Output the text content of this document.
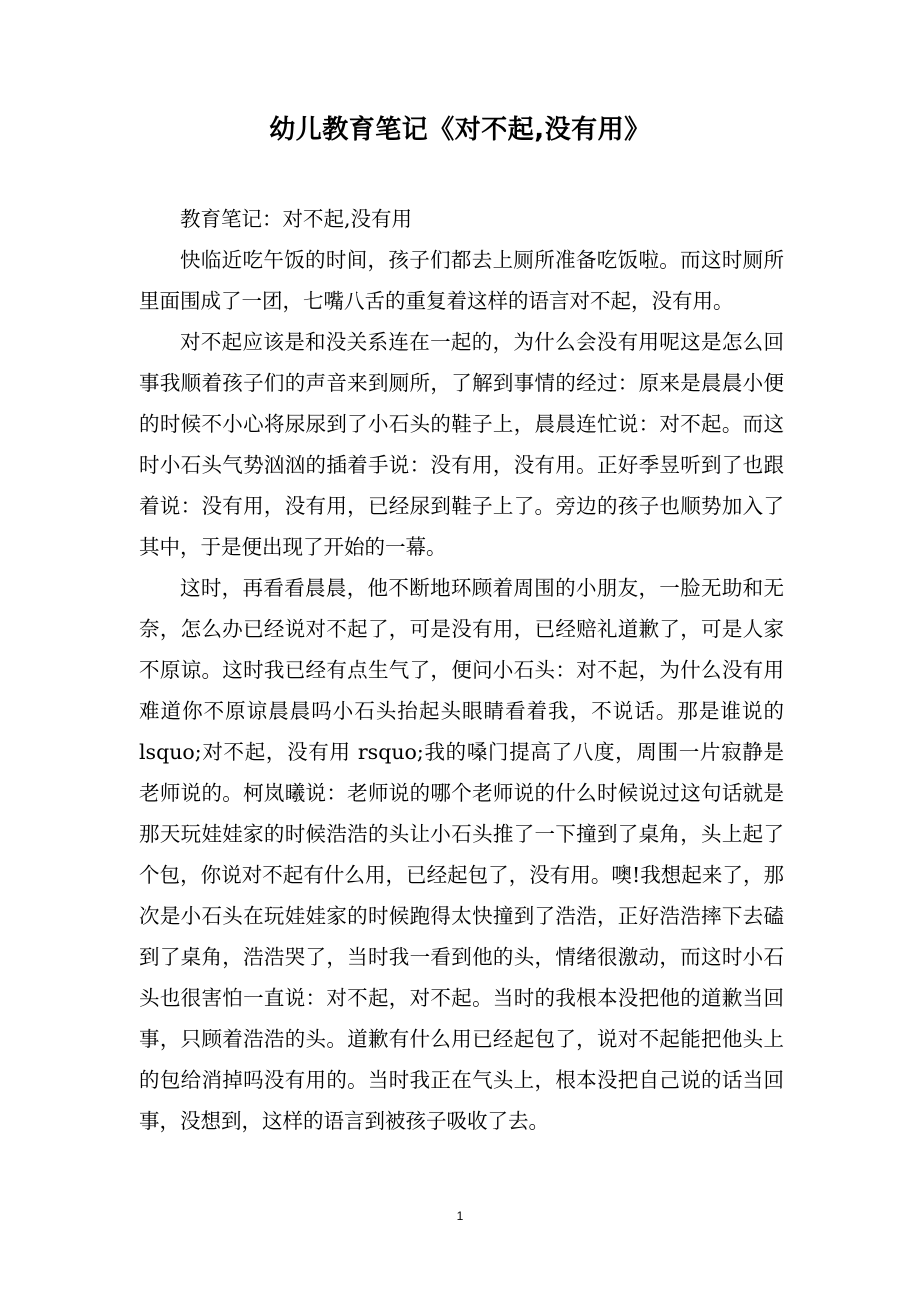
幼儿教育笔记《对不起,没有用》

教育笔记：对不起,没有用

快临近吃午饭的时间，孩子们都去上厕所准备吃饭啦。而这时厕所里面围成了一团，七嘴八舌的重复着这样的语言对不起，没有用。

对不起应该是和没关系连在一起的，为什么会没有用呢这是怎么回事我顺着孩子们的声音来到厕所，了解到事情的经过：原来是晨晨小便的时候不小心将尿尿到了小石头的鞋子上，晨晨连忙说：对不起。而这时小石头气势汹汹的插着手说：没有用，没有用。正好季昱听到了也跟着说：没有用，没有用，已经尿到鞋子上了。旁边的孩子也顺势加入了其中，于是便出现了开始的一幕。

这时，再看看晨晨，他不断地环顾着周围的小朋友，一脸无助和无奈，怎么办已经说对不起了，可是没有用，已经赔礼道歉了，可是人家不原谅。这时我已经有点生气了，便问小石头：对不起，为什么没有用难道你不原谅晨晨吗小石头抬起头眼睛看着我，不说话。那是谁说的 lsquo;对不起，没有用 rsquo;我的嗓门提高了八度，周围一片寂静是老师说的。柯岚曦说：老师说的哪个老师说的什么时候说过这句话就是那天玩娃娃家的时候浩浩的头让小石头推了一下撞到了桌角，头上起了个包，你说对不起有什么用，已经起包了，没有用。噢!我想起来了，那次是小石头在玩娃娃家的时候跑得太快撞到了浩浩，正好浩浩摔下去磕到了桌角，浩浩哭了，当时我一看到他的头，情绪很激动，而这时小石头也很害怕一直说：对不起，对不起。当时的我根本没把他的道歉当回事，只顾着浩浩的头。道歉有什么用已经起包了，说对不起能把他头上的包给消掉吗没有用的。当时我正在气头上，根本没把自己说的话当回事，没想到，这样的语言到被孩子吸收了去。

1
